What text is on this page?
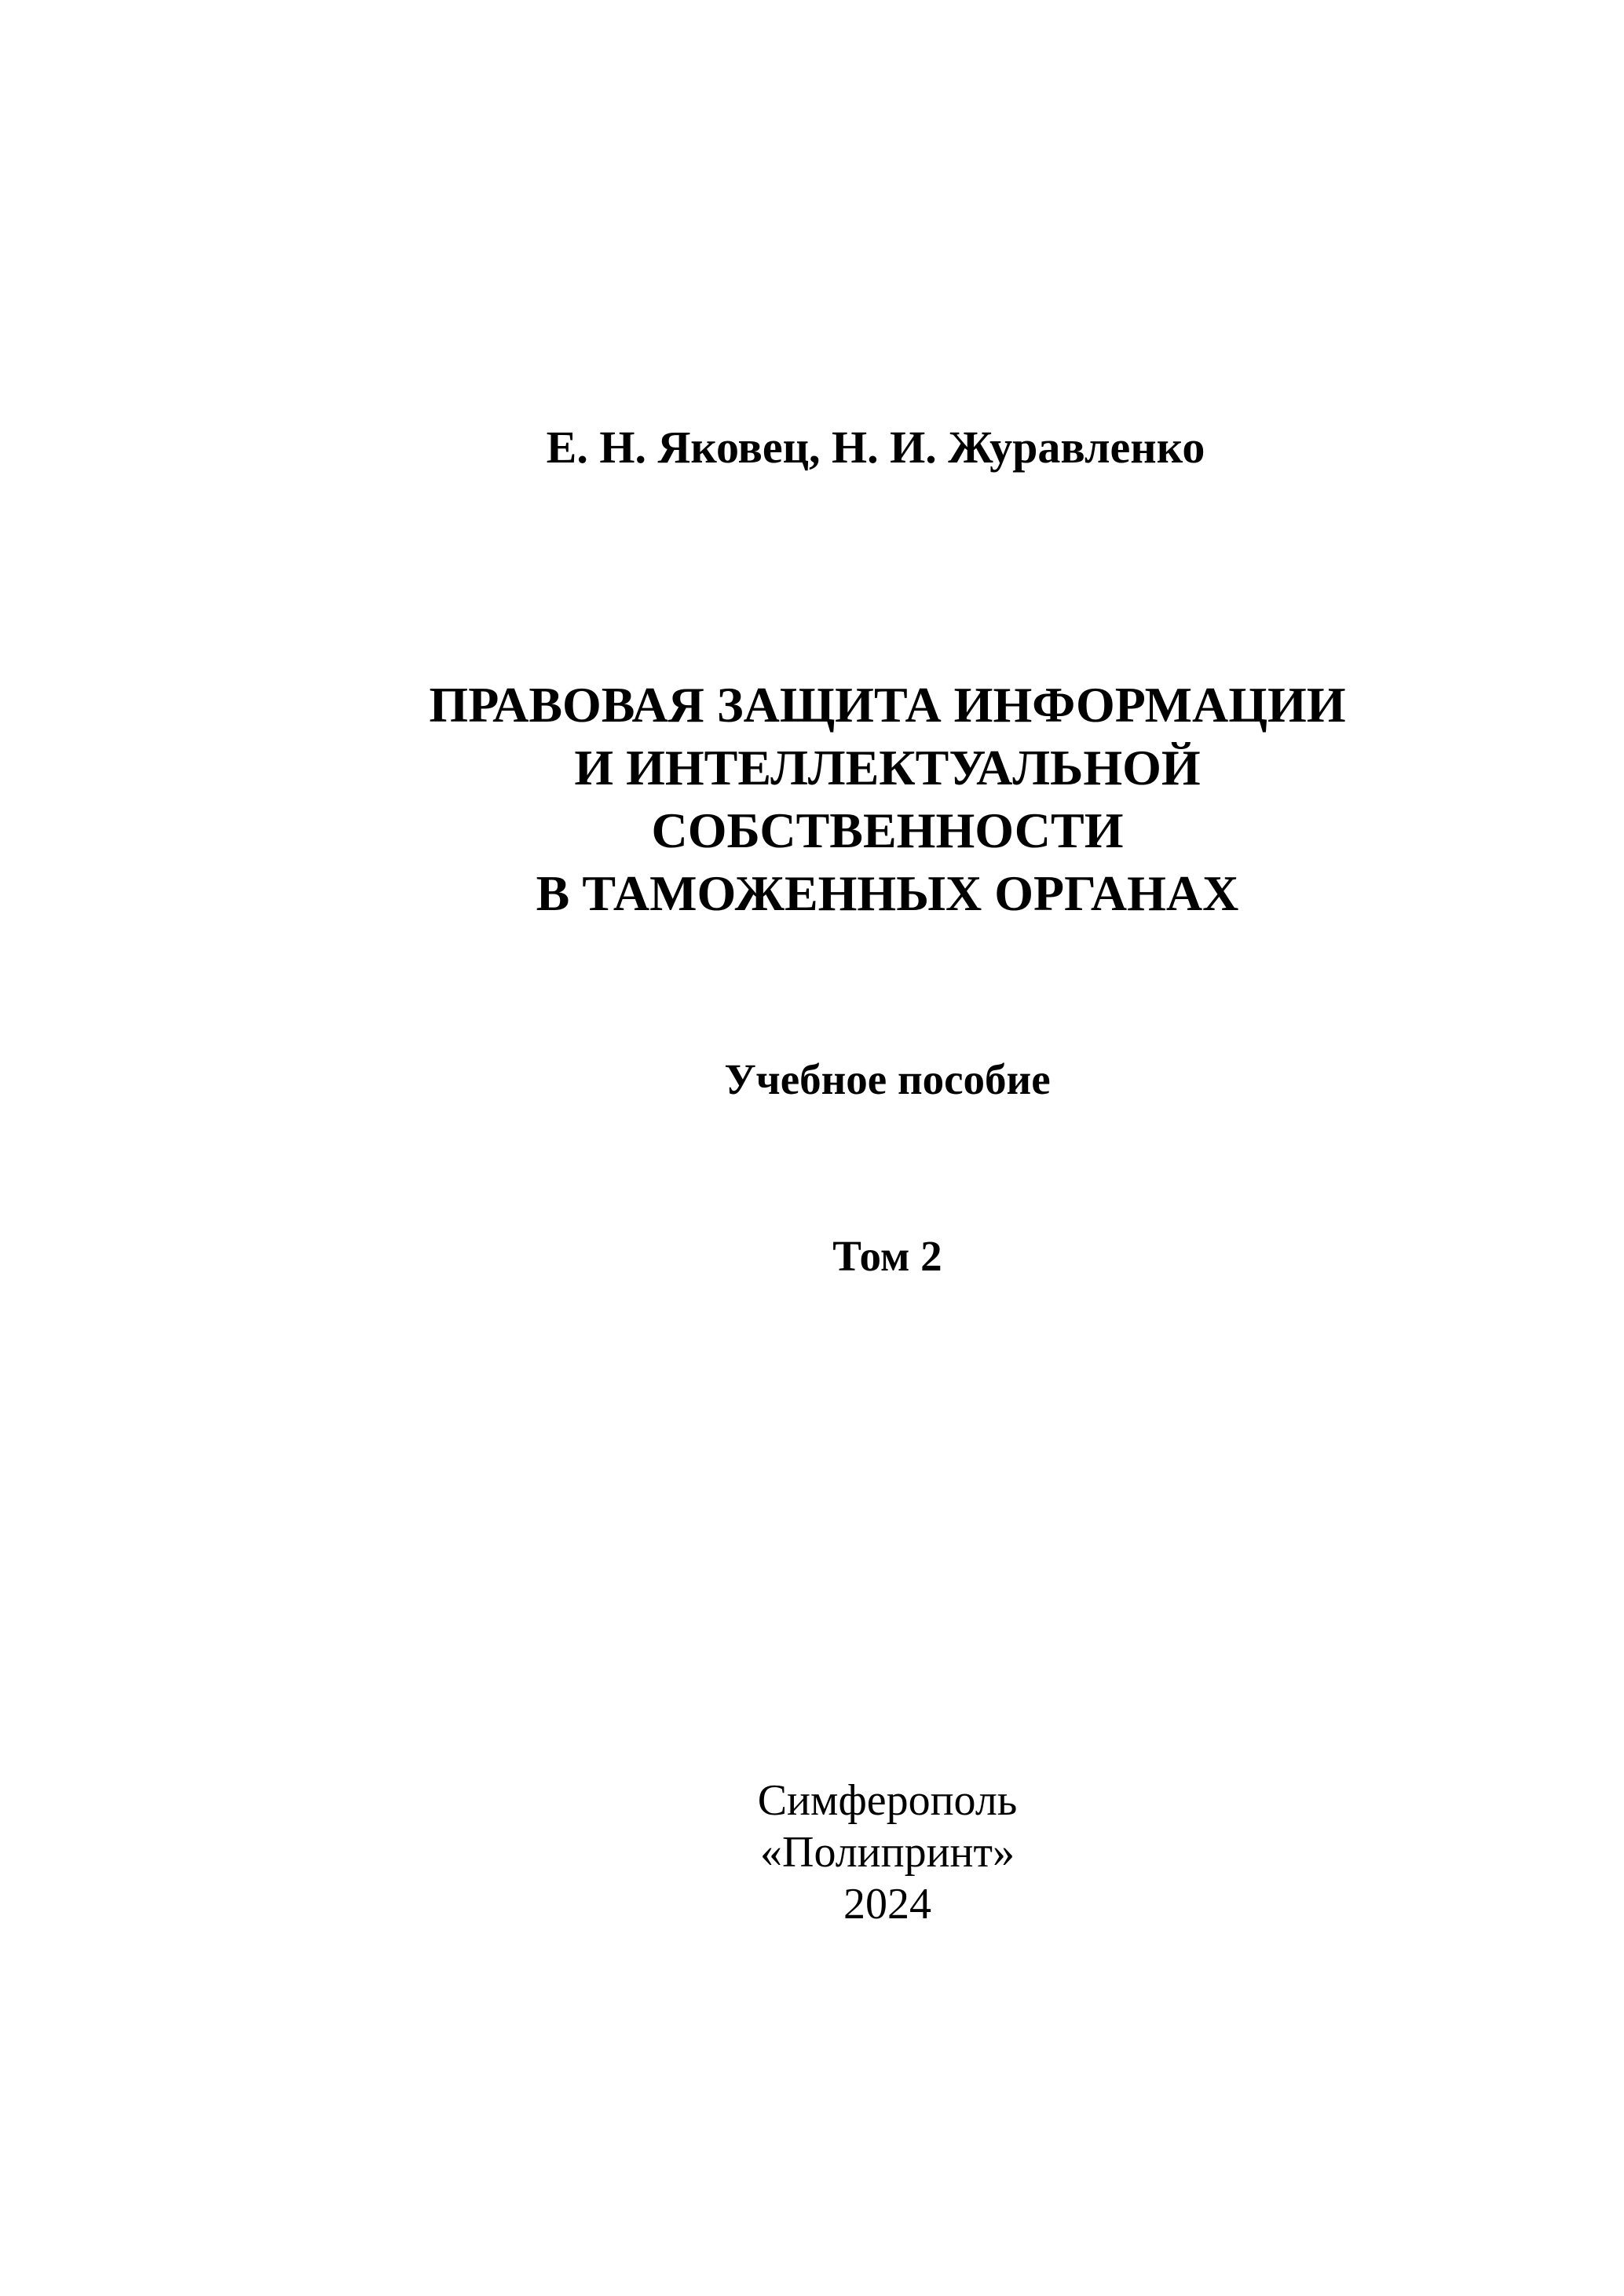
Е. Н. Яковец, Н. И. Журавленко
ПРАВОВАЯ ЗАЩИТА ИНФОРМАЦИИ
И ИНТЕЛЛЕКТУАЛЬНОЙ
СОБСТВЕННОСТИ
В ТАМОЖЕННЫХ ОРГАНАХ
Учебное пособие
Том 2
Симферополь
«Полипринт»
2024
